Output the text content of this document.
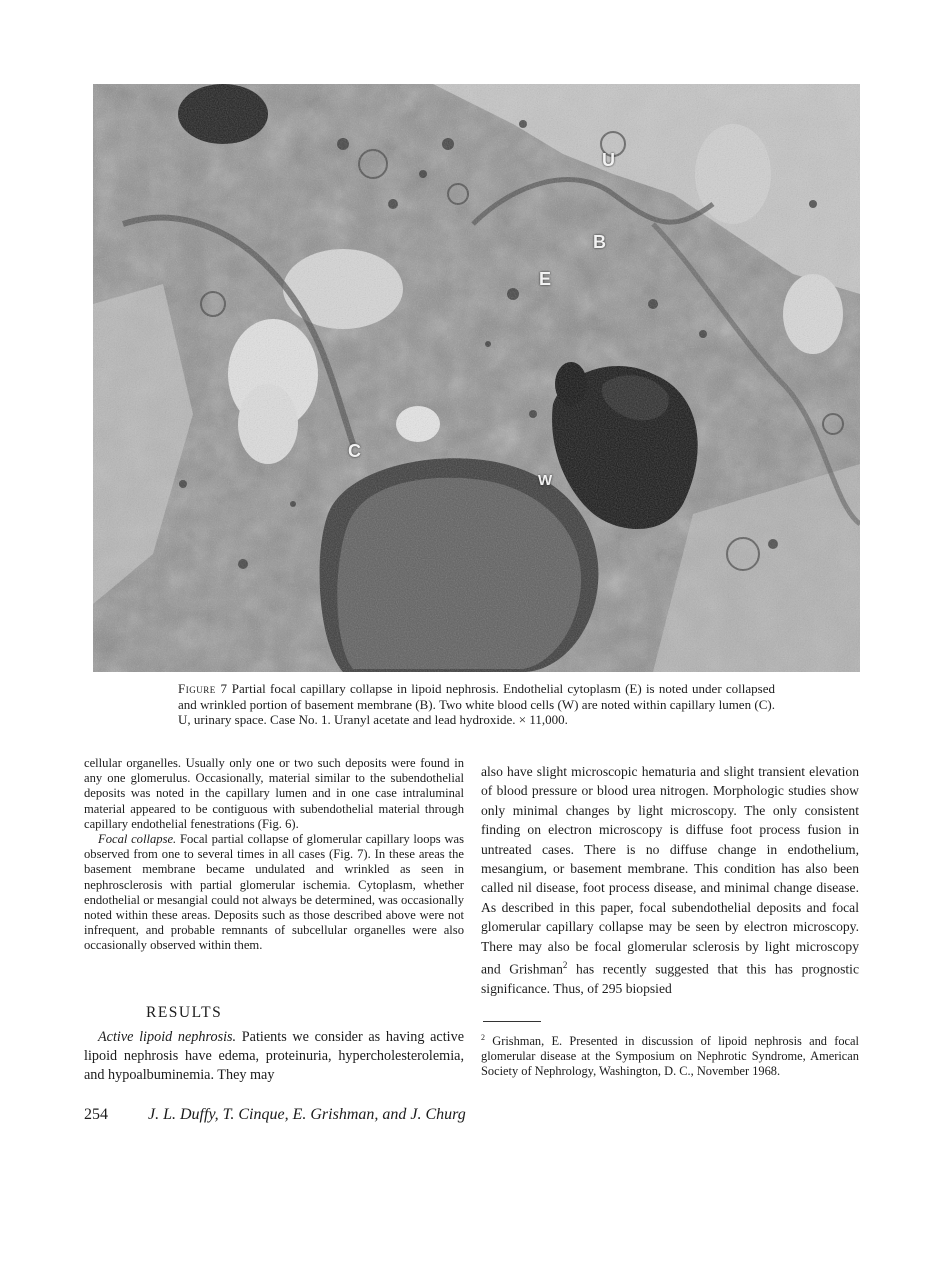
U
B
E
C
W
Figure 7 Partial focal capillary collapse in lipoid nephrosis. Endothelial cytoplasm (E) is noted under collapsed and wrinkled portion of basement membrane (B). Two white blood cells (W) are noted within capillary lumen (C). U, urinary space. Case No. 1. Uranyl acetate and lead hydroxide. × 11,000.

cellular organelles. Usually only one or two such deposits were found in any one glomerulus. Occasionally, material similar to the subendothelial deposits was noted in the capillary lumen and in one case intraluminal material appeared to be contiguous with subendothelial material through capillary endothelial fenestrations (Fig. 6).

Focal collapse. Focal partial collapse of glomerular capillary loops was observed from one to several times in all cases (Fig. 7). In these areas the basement membrane became undulated and wrinkled as seen in nephrosclerosis with partial glomerular ischemia. Cytoplasm, whether endothelial or mesangial could not always be determined, was occasionally noted within these areas. Deposits such as those described above were not infrequent, and probable remnants of subcellular organelles were also occasionally observed within them.

RESULTS

Active lipoid nephrosis. Patients we consider as having active lipoid nephrosis have edema, proteinuria, hypercholesterolemia, and hypoalbuminemia. They may

also have slight microscopic hematuria and slight transient elevation of blood pressure or blood urea nitrogen. Morphologic studies show only minimal changes by light microscopy. The only consistent finding on electron microscopy is diffuse foot process fusion in untreated cases. There is no diffuse change in endothelium, mesangium, or basement membrane. This condition has also been called nil disease, foot process disease, and minimal change disease. As described in this paper, focal subendothelial deposits and focal glomerular capillary collapse may be seen by electron microscopy. There may also be focal glomerular sclerosis by light microscopy and Grishman$^2$ has recently suggested that this has prognostic significance. Thus, of 295 biopsied

$^2$ Grishman, E. Presented in discussion of lipoid nephrosis and focal glomerular disease at the Symposium on Nephrotic Syndrome, American Society of Nephrology, Washington, D. C., November 1968.
254	J. L. Duffy, T. Cinque, E. Grishman, and J. Churg
